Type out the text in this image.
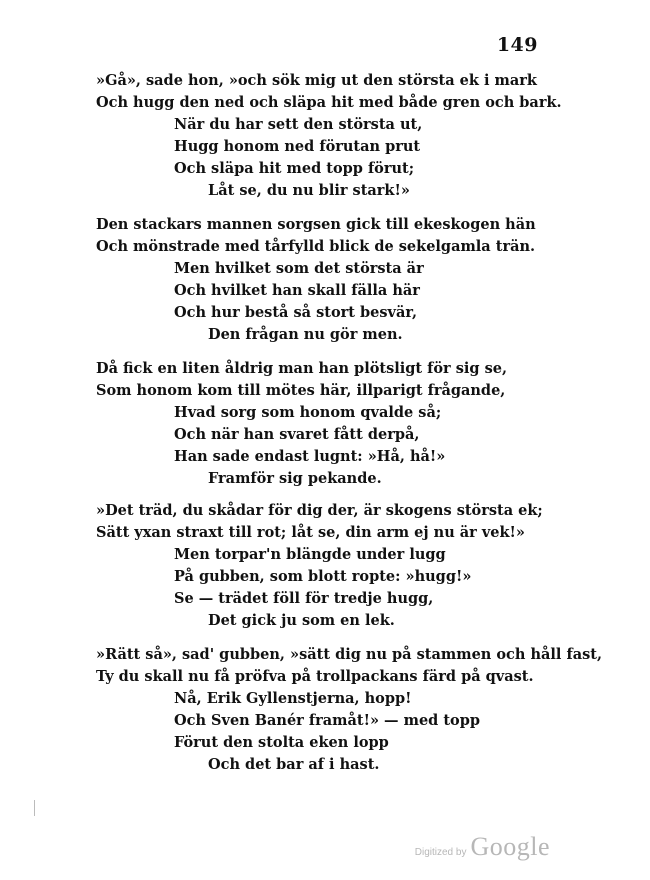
149
»Gå», sade hon, »och sök mig ut den största ek i mark
Och hugg den ned och släpa hit med både gren och bark.
När du har sett den största ut,
Hugg honom ned förutan prut
Och släpa hit med topp förut;
Låt se, du nu blir stark!»
Den stackars mannen sorgsen gick till ekeskogen hän
Och mönstrade med tårfylld blick de sekelgamla trän.
Men hvilket som det största är
Och hvilket han skall fälla här
Och hur bestå så stort besvär,
Den frågan nu gör men.
Då fick en liten åldrig man han plötsligt för sig se,
Som honom kom till mötes här, illparigt frågande,
Hvad sorg som honom qvalde så;
Och när han svaret fått derpå,
Han sade endast lugnt: »Hå, hå!»
Framför sig pekande.
»Det träd, du skådar för dig der, är skogens största ek;
Sätt yxan straxt till rot; låt se, din arm ej nu är vek!»
Men torpar'n blängde under lugg
På gubben, som blott ropte: »hugg!»
Se — trädet föll för tredje hugg,
Det gick ju som en lek.
»Rätt så», sad' gubben, »sätt dig nu på stammen och håll fast,
Ty du skall nu få pröfva på trollpackans färd på qvast.
Nå, Erik Gyllenstjerna, hopp!
Och Sven Banér framåt!» — med topp
Förut den stolta eken lopp
Och det bar af i hast.
Digitized by Google
